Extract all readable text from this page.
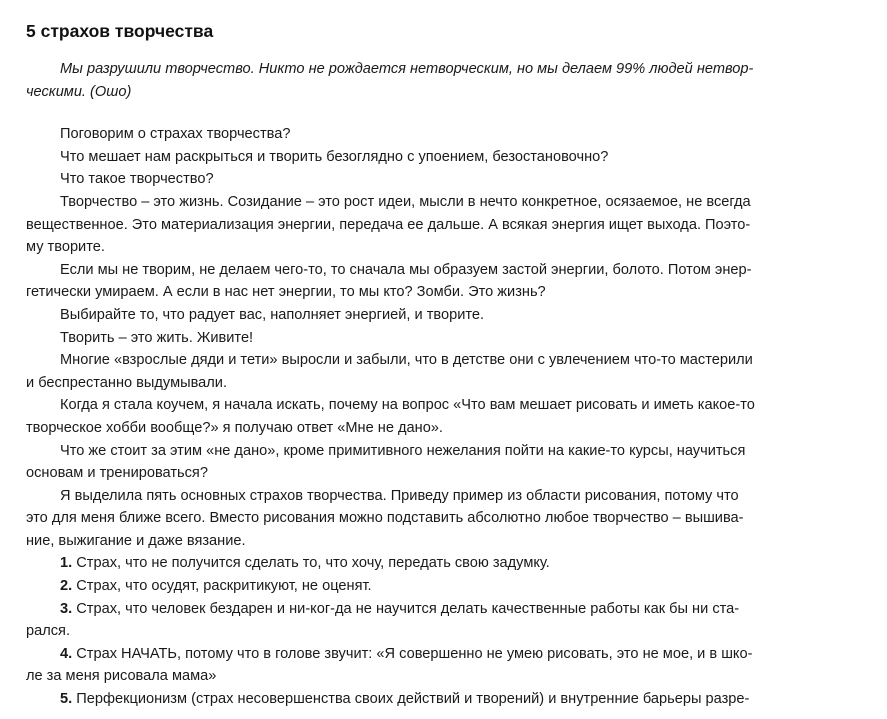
5 страхов творчества
Мы разрушили творчество. Никто не рождается нетворческим, но мы делаем 99% людей нетвор-
ческими. (Ошо)
Поговорим о страхах творчества?
Что мешает нам раскрыться и творить безоглядно с упоением, безостановочно?
Что такое творчество?
Творчество – это жизнь. Созидание – это рост идеи, мысли в нечто конкретное, осязаемое, не всегда
вещественное. Это материализация энергии, передача ее дальше. А всякая энергия ищет выхода. Поэто-
му творите.
Если мы не творим, не делаем чего-то, то сначала мы образуем застой энергии, болото. Потом энер-
гетически умираем. А если в нас нет энергии, то мы кто? Зомби. Это жизнь?
Выбирайте то, что радует вас, наполняет энергией, и творите.
Творить – это жить. Живите!
Многие «взрослые дяди и тети» выросли и забыли, что в детстве они с увлечением что-то мастерили
и беспрестанно выдумывали.
Когда я стала коучем, я начала искать, почему на вопрос «Что вам мешает рисовать и иметь какое-то
творческое хобби вообще?» я получаю ответ «Мне не дано».
Что же стоит за этим «не дано», кроме примитивного нежелания пойти на какие-то курсы, научиться
основам и тренироваться?
Я выделила пять основных страхов творчества. Приведу пример из области рисования, потому что
это для меня ближе всего. Вместо рисования можно подставить абсолютно любое творчество – вышива-
ние, выжигание и даже вязание.
1. Страх, что не получится сделать то, что хочу, передать свою задумку.
2. Страх, что осудят, раскритикуют, не оценят.
3. Страх, что человек бездарен и ни-ког-да не научится делать качественные работы как бы ни ста-
рался.
4. Страх НАЧАТЬ, потому что в голове звучит: «Я совершенно не умею рисовать, это не мое, и в шко-
ле за меня рисовала мама»
5. Перфекционизм (страх несовершенства своих действий и творений) и внутренние барьеры разре-
